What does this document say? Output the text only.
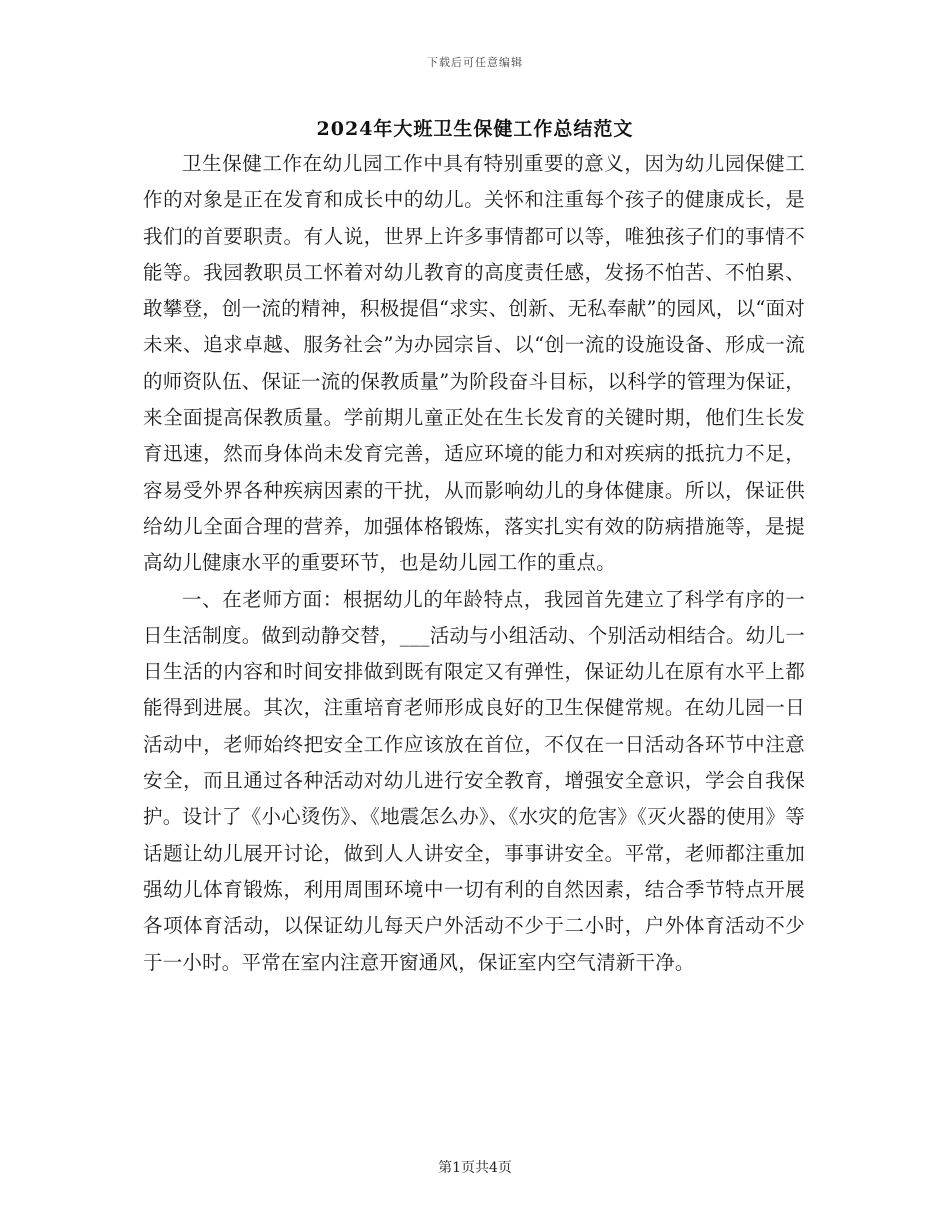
下载后可任意编辑
2024年大班卫生保健工作总结范文

卫生保健工作在幼儿园工作中具有特别重要的意义，因为幼儿园保健工作的对象是正在发育和成长中的幼儿。关怀和注重每个孩子的健康成长，是我们的首要职责。有人说，世界上许多事情都可以等，唯独孩子们的事情不能等。我园教职员工怀着对幼儿教育的高度责任感，发扬不怕苦、不怕累、敢攀登，创一流的精神，积极提倡“求实、创新、无私奉献”的园风，以“面对未来、追求卓越、服务社会”为办园宗旨、以“创一流的设施设备、形成一流的师资队伍、保证一流的保教质量”为阶段奋斗目标，以科学的管理为保证，来全面提高保教质量。学前期儿童正处在生长发育的关键时期，他们生长发育迅速，然而身体尚未发育完善，适应环境的能力和对疾病的抵抗力不足，容易受外界各种疾病因素的干扰，从而影响幼儿的身体健康。所以，保证供给幼儿全面合理的营养，加强体格锻炼，落实扎实有效的防病措施等，是提高幼儿健康水平的重要环节，也是幼儿园工作的重点。

一、在老师方面：根据幼儿的年龄特点，我园首先建立了科学有序的一日生活制度。做到动静交替，___活动与小组活动、个别活动相结合。幼儿一日生活的内容和时间安排做到既有限定又有弹性，保证幼儿在原有水平上都能得到进展。其次，注重培育老师形成良好的卫生保健常规。在幼儿园一日活动中，老师始终把安全工作应该放在首位，不仅在一日活动各环节中注意安全，而且通过各种活动对幼儿进行安全教育，增强安全意识，学会自我保护。设计了《小心烫伤》、《地震怎么办》、《水灾的危害》《灭火器的使用》等话题让幼儿展开讨论，做到人人讲安全，事事讲安全。平常，老师都注重加强幼儿体育锻炼，利用周围环境中一切有利的自然因素，结合季节特点开展各项体育活动，以保证幼儿每天户外活动不少于二小时，户外体育活动不少于一小时。平常在室内注意开窗通风，保证室内空气清新干净。

第1页共4页
